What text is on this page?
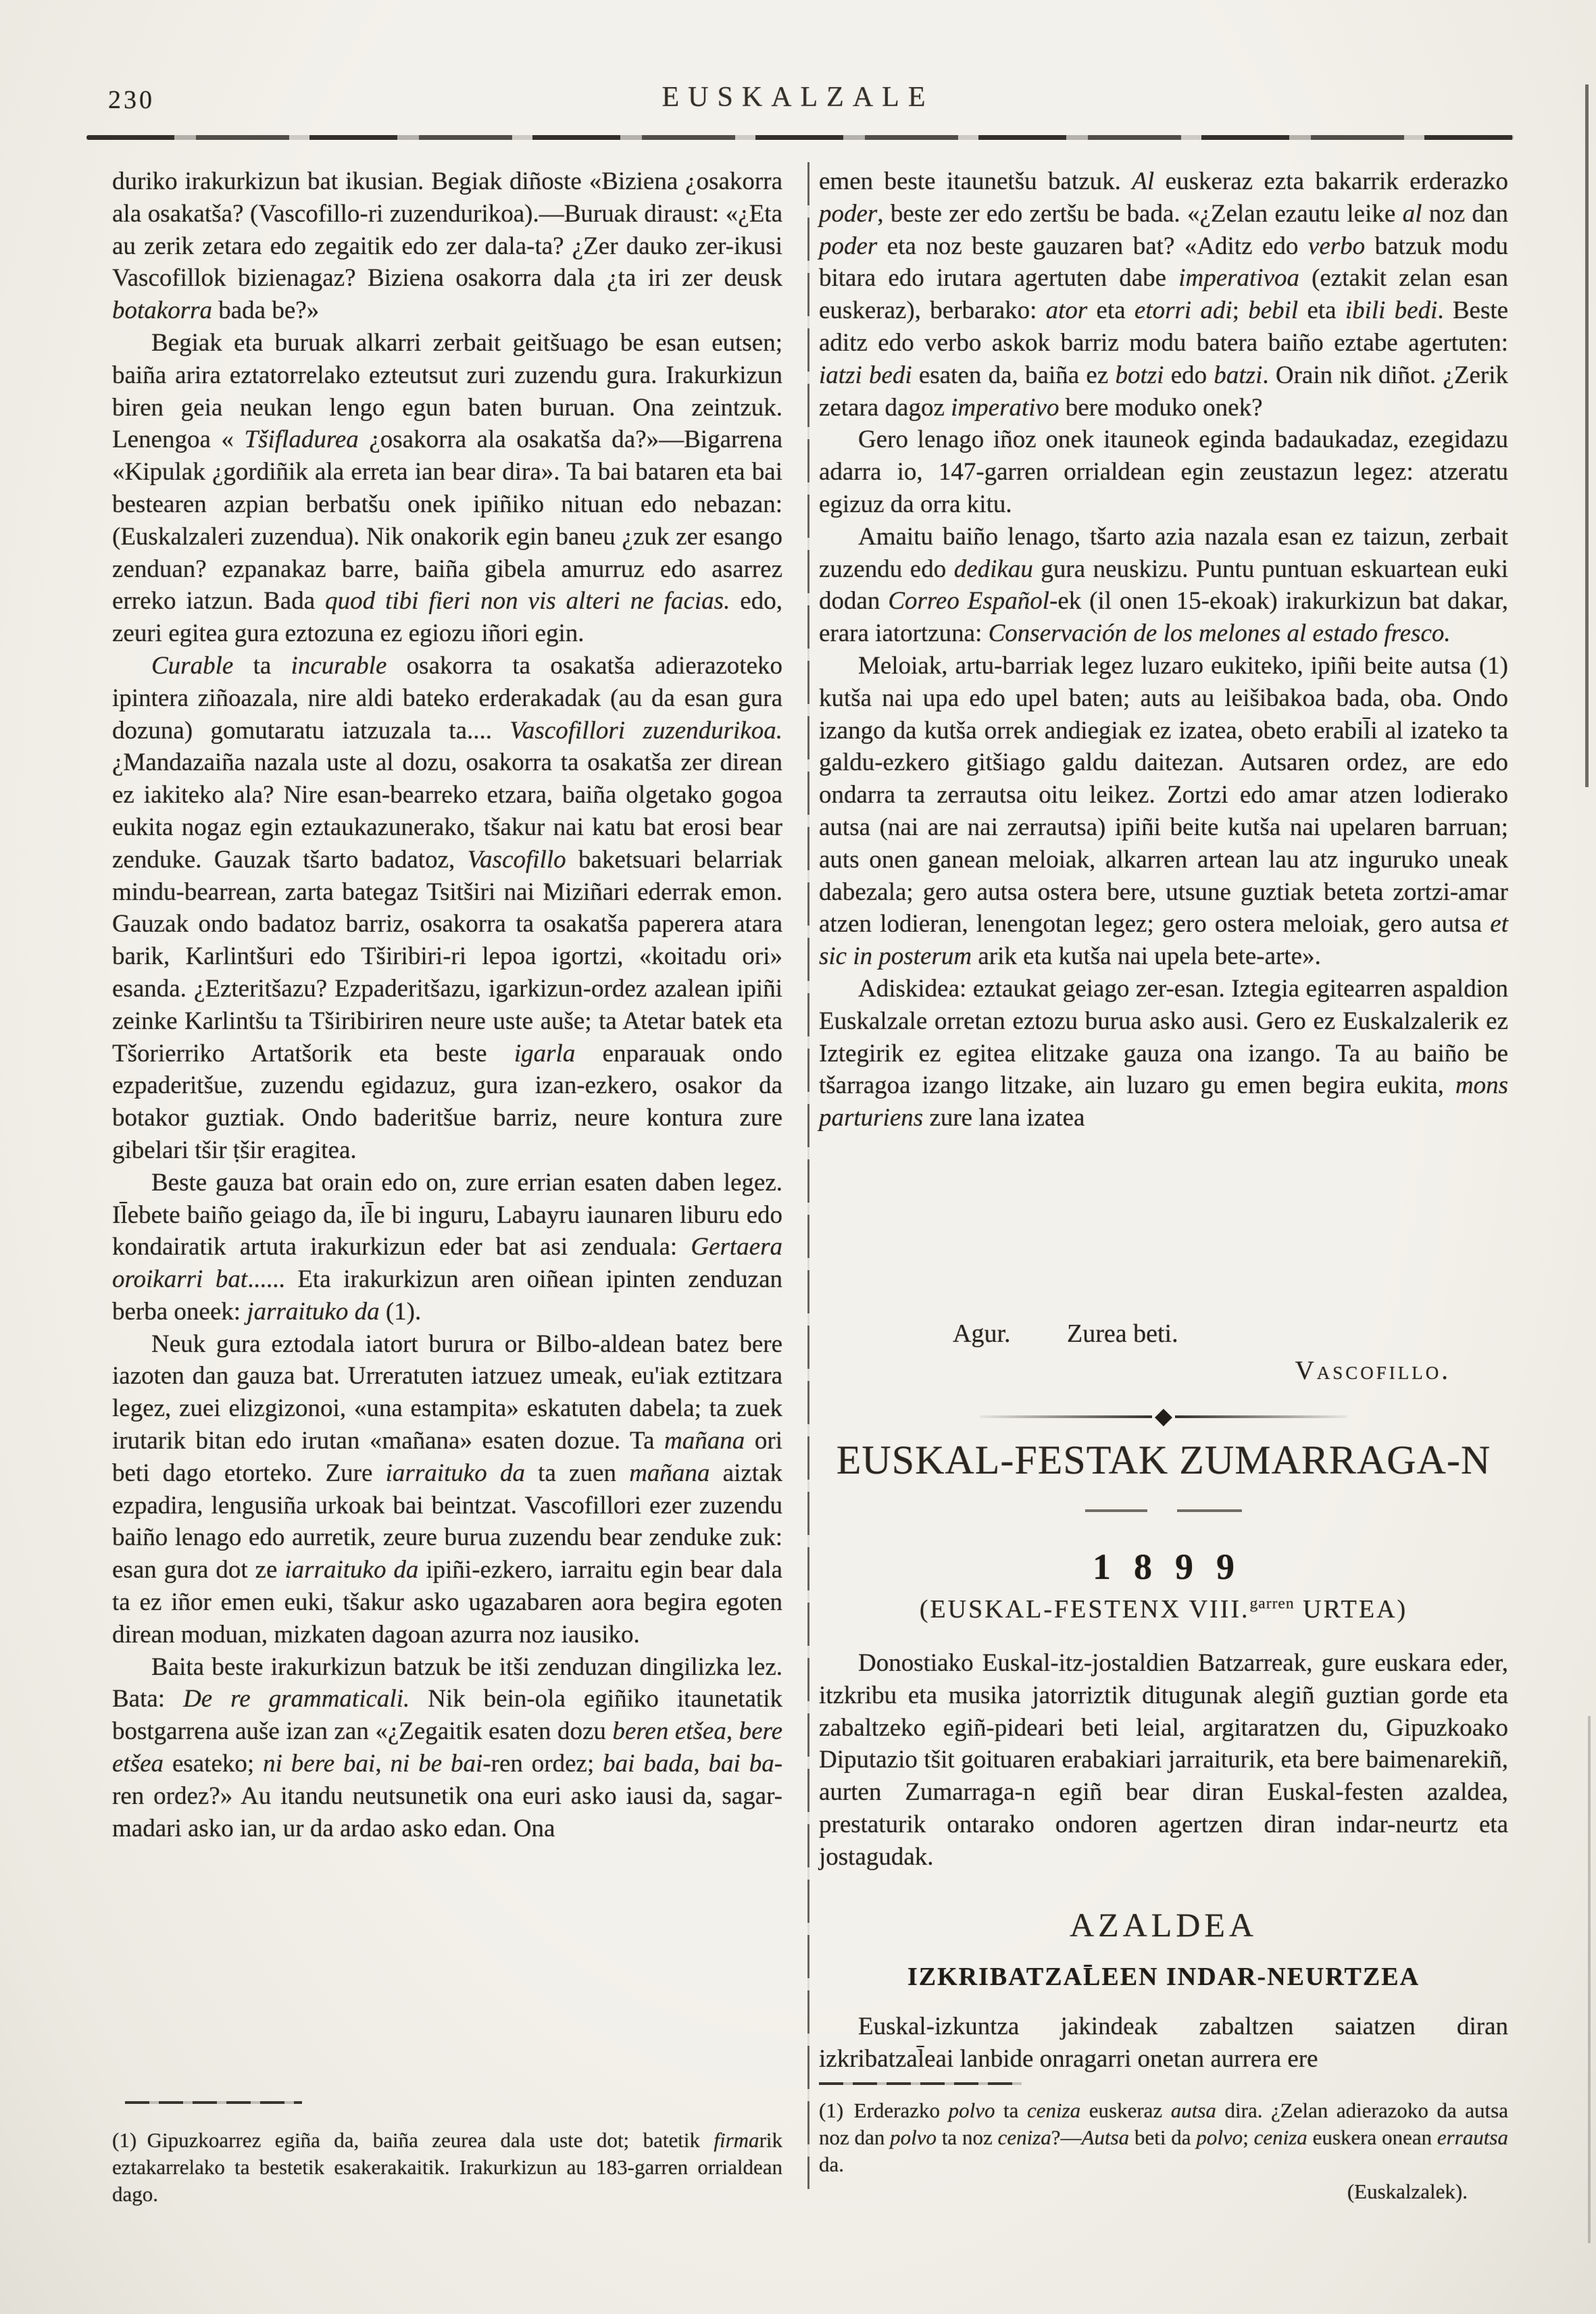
230	EUSKALZALE

duriko irakurkizun bat ikusian. Begiak diñoste «Biziena ¿osakorra ala osakatša? (Vascofillo-ri zuzendurikoa).—Buruak diraust: «¿Eta au zerik zetara edo zegaitik edo zer dala-ta? ¿Zer dauko zer-ikusi Vascofillok bizienagaz? Biziena osakorra dala ¿ta iri zer deusk botakorra bada be?»

Begiak eta buruak alkarri zerbait geitšuago be esan eutsen; baiña arira eztatorrelako ezteutsut zuri zuzendu gura. Irakurkizun biren geia neukan lengo egun baten buruan. Ona zeintzuk. Lenengoa « Tšifladurea ¿osakorra ala osakatša da?»—Bigarrena «Kipulak ¿gordiñik ala erreta ian bear dira». Ta bai bataren eta bai bestearen azpian berbatšu onek ipiñiko nituan edo nebazan: (Euskalzaleri zuzendua). Nik onakorik egin baneu ¿zuk zer esango zenduan? ezpanakaz barre, baiña gibela amurruz edo asarrez erreko iatzun. Bada quod tibi fieri non vis alteri ne facias. edo, zeuri egitea gura eztozuna ez egiozu iñori egin.

Curable ta incurable osakorra ta osakatša adierazoteko ipintera ziñoazala, nire aldi bateko erderakadak (au da esan gura dozuna) gomutaratu iatzuzala ta.... Vascofillori zuzendurikoa. ¿Mandazaiña nazala uste al dozu, osakorra ta osakatša zer direan ez iakiteko ala? Nire esan-bearreko etzara, baiña olgetako gogoa eukita nogaz egin eztaukazunerako, tšakur nai katu bat erosi bear zenduke. Gauzak tšarto badatoz, Vascofillo baketsuari belarriak mindu-bearrean, zarta bategaz Tsitširi nai Miziñari ederrak emon. Gauzak ondo badatoz barriz, osakorra ta osakatša paperera atara barik, Karlintšuri edo Tširibiri-ri lepoa igortzi, «koitadu ori» esanda. ¿Ezteritšazu? Ezpaderitšazu, igarkizun-ordez azalean ipiñi zeinke Karlintšu ta Tširibiriren neure uste auše; ta Atetar batek eta Tšorierriko Artatšorik eta beste igarla enparauak ondo ezpaderitšue, zuzendu egidazuz, gura izan-ezkero, osakor da botakor guztiak. Ondo baderitšue barriz, neure kontura zure gibelari tšir ṭšir eragitea.

Beste gauza bat orain edo on, zure errian esaten daben legez. Il̄ebete baiño geiago da, il̄e bi inguru, Labayru iaunaren liburu edo kondairatik artuta irakurkizun eder bat asi zenduala: Gertaera oroikarri bat...... Eta irakurkizun aren oiñean ipinten zenduzan berba oneek: jarraituko da (1).

Neuk gura eztodala iatort burura or Bilbo-aldean batez bere iazoten dan gauza bat. Urreratuten iatzuez umeak, eu'iak eztitzara legez, zuei elizgizonoi, «una estampita» eskatuten dabela; ta zuek irutarik bitan edo irutan «mañana» esaten dozue. Ta mañana ori beti dago etorteko. Zure iarraituko da ta zuen mañana aiztak ezpadira, lengusiña urkoak bai beintzat. Vascofillori ezer zuzendu baiño lenago edo aurretik, zeure burua zuzendu bear zenduke zuk: esan gura dot ze iarraituko da ipiñi-ezkero, iarraitu egin bear dala ta ez iñor emen euki, tšakur asko ugazabaren aora begira egoten direan moduan, mizkaten dagoan azurra noz iausiko.

Baita beste irakurkizun batzuk be itši zenduzan dingilizka lez. Bata: De re grammaticali. Nik bein-ola egiñiko itaunetatik bostgarrena auše izan zan «¿Zegaitik esaten dozu beren etšea, bere etšea esateko; ni bere bai, ni be bai-ren ordez; bai bada, bai ba-ren ordez?» Au itandu neutsunetik ona euri asko iausi da, sagar-madari asko ian, ur da ardao asko edan. Ona

(1) Gipuzkoarrez egiña da, baiña zeurea dala uste dot; batetik firmarik eztakarrelako ta bestetik esakerakaitik. Irakurkizun au 183-garren orrialdean dago.

emen beste itaunetšu batzuk. Al euskeraz ezta bakarrik erderazko poder, beste zer edo zertšu be bada. «¿Zelan ezautu leike al noz dan poder eta noz beste gauzaren bat? «Aditz edo verbo batzuk modu bitara edo irutara agertuten dabe imperativoa (eztakit zelan esan euskeraz), berbarako: ator eta etorri adi; bebil eta ibili bedi. Beste aditz edo verbo askok barriz modu batera baiño eztabe agertuten: iatzi bedi esaten da, baiña ez botzi edo batzi. Orain nik diñot. ¿Zerik zetara dagoz imperativo bere moduko onek?

Gero lenago iñoz onek itauneok eginda badaukadaz, ezegidazu adarra io, 147-garren orrialdean egin zeustazun legez: atzeratu egizuz da orra kitu.

Amaitu baiño lenago, tšarto azia nazala esan ez taizun, zerbait zuzendu edo dedikau gura neuskizu. Puntu puntuan eskuartean euki dodan Correo Español-ek (il onen 15-ekoak) irakurkizun bat dakar, erara iatortzuna: Conservación de los melones al estado fresco.

Meloiak, artu-barriak legez luzaro eukiteko, ipiñi beite autsa (1) kutša nai upa edo upel baten; auts au leišibakoa bada, oba. Ondo izango da kutša orrek andiegiak ez izatea, obeto erabil̄i al izateko ta galdu-ezkero gitšiago galdu daitezan. Autsaren ordez, are edo ondarra ta zerrautsa oitu leikez. Zortzi edo amar atzen lodierako autsa (nai are nai zerrautsa) ipiñi beite kutša nai upelaren barruan; auts onen ganean meloiak, alkarren artean lau atz inguruko uneak dabezala; gero autsa ostera bere, utsune guztiak beteta zortzi-amar atzen lodieran, lenengotan legez; gero ostera meloiak, gero autsa et sic in posterum arik eta kutša nai upela bete-arte».

Adiskidea: eztaukat geiago zer-esan. Iztegia egitearren aspaldion Euskalzale orretan eztozu burua asko ausi. Gero ez Euskalzalerik ez Iztegirik ez egitea elitzake gauza ona izango. Ta au baiño be tšarragoa izango litzake, ain luzaro gu emen begira eukita, mons parturiens zure lana izatea

Agur. Zurea beti.
Vascofillo.
◆
EUSKAL-FESTAK ZUMARRAGA-N
1899
(EUSKAL-FESTENX VIII.$^{garren}$ URTEA)

Donostiako Euskal-itz-jostaldien Batzarreak, gure euskara eder, itzkribu eta musika jatorriztik ditugunak alegiñ guztian gorde eta zabaltzeko egiñ-pideari beti leial, argitaratzen du, Gipuzkoako Diputazio tšit goituaren erabakiari jarraiturik, eta bere baimenarekiñ, aurten Zumarraga-n egiñ bear diran Euskal-festen azaldea, prestaturik ontarako ondoren agertzen diran indar-neurtz eta jostagudak.

AZALDEA
IZKRIBATZAL̄EEN INDAR-NEURTZEA

Euskal-izkuntza jakindeak zabaltzen saiatzen diran izkribatzal̄eai lanbide onragarri onetan aurrera ere

(1) Erderazko polvo ta ceniza euskeraz autsa dira. ¿Zelan adierazoko da autsa noz dan polvo ta noz ceniza?—Autsa beti da polvo; ceniza euskera onean errautsa da.

(Euskalzalek).
